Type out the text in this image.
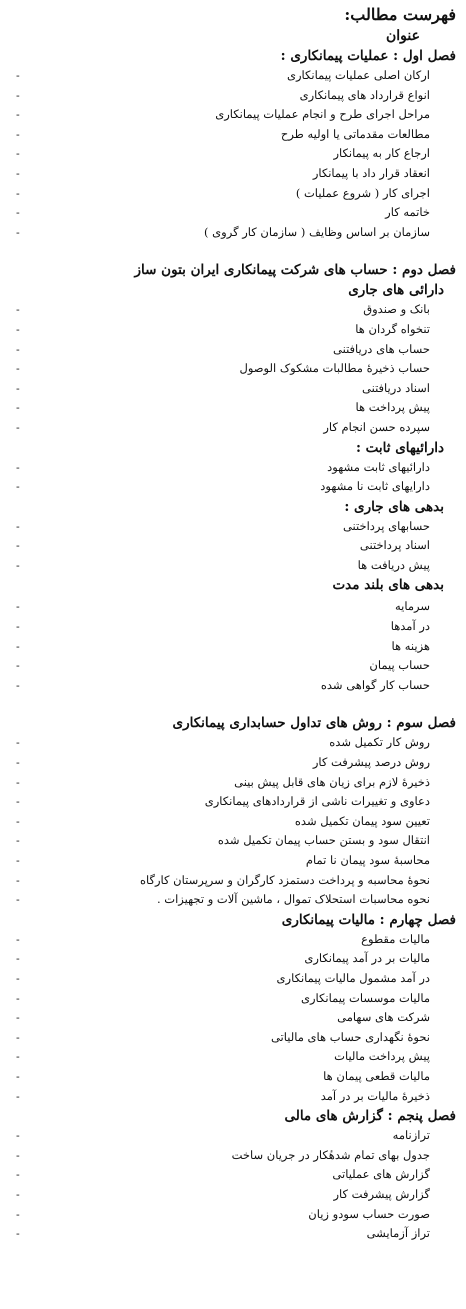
فهرست مطالب:
عنوان
فصل اول : عملیات پیمانکاری :
-	ارکان اصلی عملیات پیمانکاری
-	انواع قرارداد های پیمانکاری
-	مراحل اجرای طرح و انجام عملیات پیمانکاری
-	مطالعات مقدماتی یا اولیه طرح
-	ارجاع کار به پیمانکار
-	انعقاد قرار داد با پیمانکار
-	اجرای کار ( شروع عملیات )
-	خاتمه کار
-	سازمان بر اساس وظایف ( سازمان کار گروی )
فصل دوم : حساب های شرکت پیمانکاری ایران بتون ساز
دارائی های جاری
-	بانک و صندوق
-	تنخواه گردان ها
-	حساب های دریافتنی
-	حساب ذخیرهٔ مطالبات مشکوک الوصول
-	اسناد دریافتنی
-	پیش پرداخت ها
-	سپرده حسن انجام کار
دارائیهای ثابت :
-	دارائیهای ثابت مشهود
-	دارایهای ثابت نا مشهود
بدهی های جاری :
-	حسابهای پرداختنی
-	اسناد پرداختنی
-	پیش دریافت ها
بدهی های بلند مدت
-	سرمایه
-	در آمدها
-	هزینه ها
-	حساب پیمان
-	حساب کار گواهی شده
فصل سوم : روش های تداول حسابداری پیمانکاری
-	روش کار تکمیل شده
-	روش درصد پیشرفت کار
-	ذخیرهٔ لازم برای زیان های قابل پیش بینی
-	دعاوی و تغییرات ناشی از قراردادهای پیمانکاری
-	تعیین سود پیمان تکمیل شده
-	انتقال سود و بستن حساب پیمان تکمیل شده
-	محاسبهٔ سود پیمان نا تمام
-	نحوهٔ محاسبه و پرداخت دستمزد کارگران و سرپرستان کارگاه
-	نحوه محاسبات استحلاک تموال ، ماشین آلات و تجهیزات .
فصل چهارم : مالیات پیمانکاری
-	مالیات مقطوع
-	مالیات بر در آمد پیمانکاری
-	در آمد مشمول مالیات پیمانکاری
-	مالیات موسسات پیمانکاری
-	شرکت های سهامی
-	نحوهٔ نگهداری حساب های مالیاتی
-	پیش پرداخت مالیات
-	مالیات قطعی پیمان ها
-	ذخیرهٔ مالیات بر در آمد
فصل پنجم : گزارش های مالی
-	ترازنامه
-	جدول بهای تمام شدهٔکار در جریان ساخت
-	گزارش های عملیاتی
-	گزارش پیشرفت کار
-	صورت حساب سودو زیان
-	تراز آزمایشی
